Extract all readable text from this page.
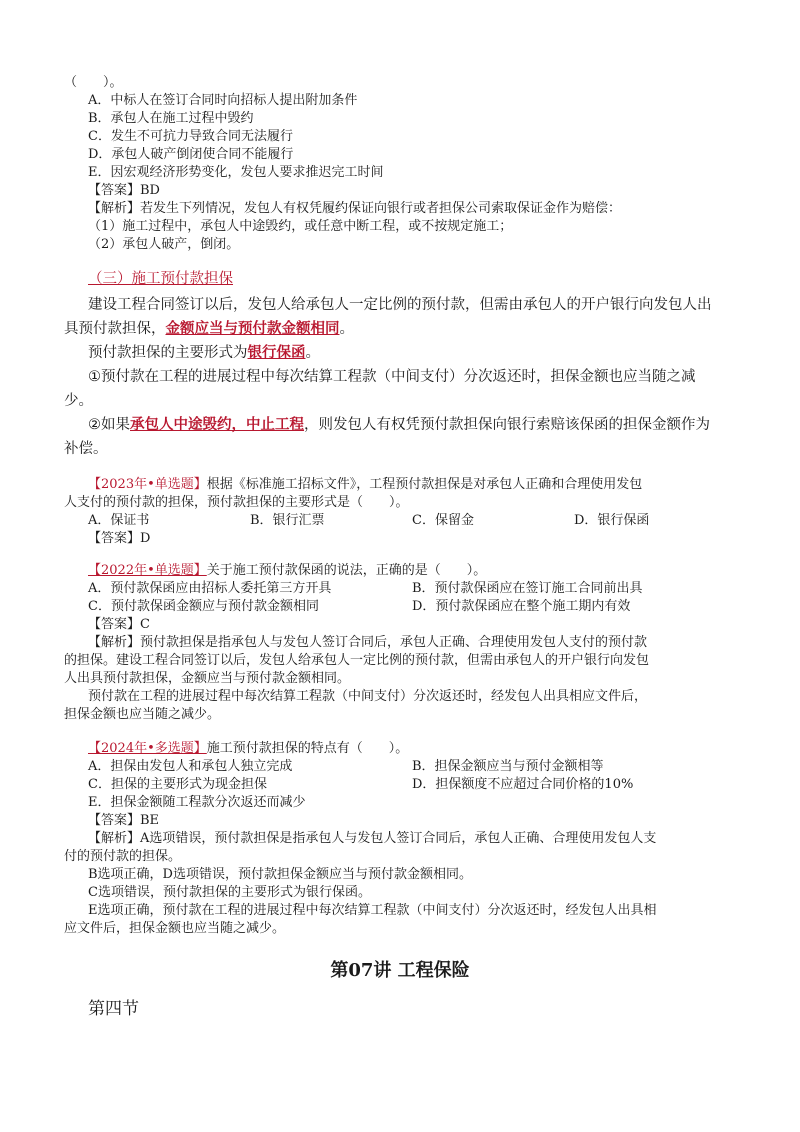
（　　）。
A．中标人在签订合同时向招标人提出附加条件
B．承包人在施工过程中毁约
C．发生不可抗力导致合同无法履行
D．承包人破产倒闭使合同不能履行
E．因宏观经济形势变化，发包人要求推迟完工时间
【答案】BD
【解析】若发生下列情况，发包人有权凭履约保证向银行或者担保公司索取保证金作为赔偿：
（1）施工过程中，承包人中途毁约，或任意中断工程，或不按规定施工；
（2）承包人破产，倒闭。
（三）施工预付款担保
建设工程合同签订以后，发包人给承包人一定比例的预付款，但需由承包人的开户银行向发包人出
具预付款担保，金额应当与预付款金额相同。
预付款担保的主要形式为银行保函。
①预付款在工程的进展过程中每次结算工程款（中间支付）分次返还时，担保金额也应当随之减
少。
②如果承包人中途毁约，中止工程，则发包人有权凭预付款担保向银行索赔该保函的担保金额作为
补偿。
【2023年•单选题】根据《标准施工招标文件》，工程预付款担保是对承包人正确和合理使用发包
人支付的预付款的担保，预付款担保的主要形式是（　　）。
A．保证书	B．银行汇票	C．保留金	D．银行保函
【答案】D
【2022年•单选题】关于施工预付款保函的说法，正确的是（　　）。
A．预付款保函应由招标人委托第三方开具	B．预付款保函应在签订施工合同前出具
C．预付款保函金额应与预付款金额相同	D．预付款保函应在整个施工期内有效
【答案】C
【解析】预付款担保是指承包人与发包人签订合同后，承包人正确、合理使用发包人支付的预付款
的担保。建设工程合同签订以后，发包人给承包人一定比例的预付款，但需由承包人的开户银行向发包
人出具预付款担保，金额应当与预付款金额相同。
预付款在工程的进展过程中每次结算工程款（中间支付）分次返还时，经发包人出具相应文件后，
担保金额也应当随之减少。
【2024年•多选题】施工预付款担保的特点有（　　）。
A．担保由发包人和承包人独立完成	B．担保金额应当与预付金额相等
C．担保的主要形式为现金担保	D．担保额度不应超过合同价格的10%
E．担保金额随工程款分次返还而减少
【答案】BE
【解析】A选项错误，预付款担保是指承包人与发包人签订合同后，承包人正确、合理使用发包人支
付的预付款的担保。
B选项正确，D选项错误，预付款担保金额应当与预付款金额相同。
C选项错误，预付款担保的主要形式为银行保函。
E选项正确，预付款在工程的进展过程中每次结算工程款（中间支付）分次返还时，经发包人出具相
应文件后，担保金额也应当随之减少。
第07讲 工程保险
第四节
